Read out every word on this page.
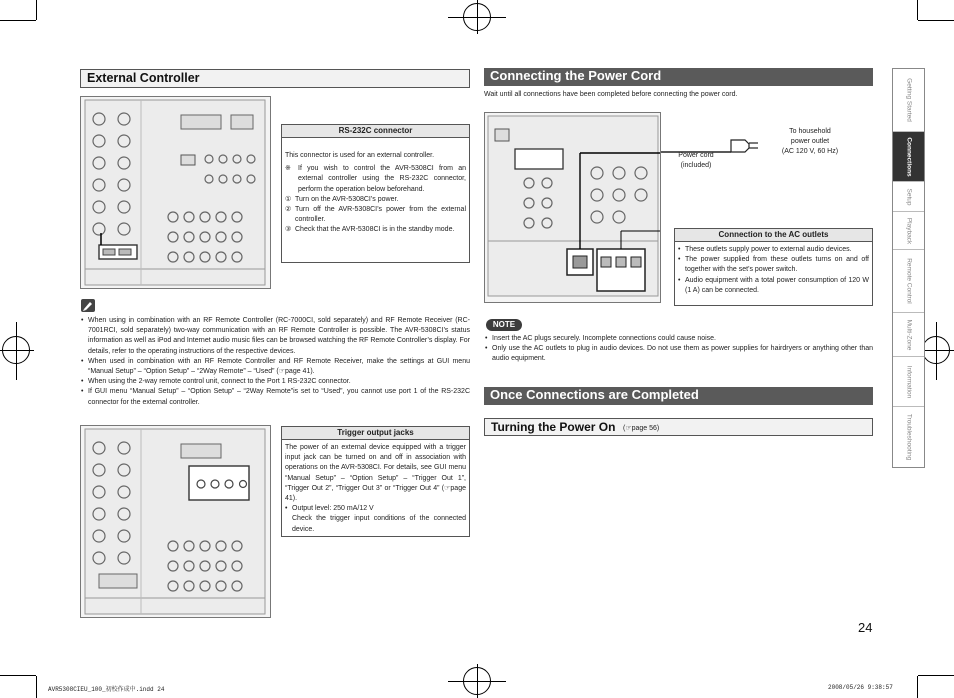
External Controller
RS-232C connector
This connector is used for an external controller.
※ If you wish to control the AVR-5308CI from an external controller using the RS-232C connector, perform the operation below beforehand.
① Turn on the AVR-5308CI’s power.
② Turn off the AVR-5308CI’s power from the external controller.
③ Check that the AVR-5308CI is in the standby mode.
• When using in combination with an RF Remote Controller (RC-7000CI, sold separately) and RF Remote Receiver (RC-7001RCI, sold separately) two-way communication with an RF Remote Controller is possible. The AVR-5308CI’s status information as well as iPod and Internet audio music files can be browsed watching the RF Remote Controller’s display. For details, refer to the operating instructions of the respective devices.
• When used in combination with an RF Remote Controller and RF Remote Receiver, make the settings at GUI menu “Manual Setup” – “Option Setup” – “2Way Remote” – “Used” (☞page 41).
• When using the 2-way remote control unit, connect to the Port 1 RS-232C connector.
• If GUI menu “Manual Setup” – “Option Setup” – “2Way Remote”is set to “Used”, you cannot use port 1 of the RS-232C connector for the external controller.
Trigger output jacks
The power of an external device equipped with a trigger input jack can be turned on and off in association with operations on the AVR-5308CI. For details, see GUI menu “Manual Setup” – “Option Setup” – “Trigger Out 1”, “Trigger Out 2”, “Trigger Out 3” or “Trigger Out 4” (☞page 41).
• Output level: 250 mA/12 V
Check the trigger input conditions of the connected device.
Connecting the Power Cord
Wait until all connections have been completed before connecting the power cord.
To household
power outlet
(AC 120 V, 60 Hz)
Power cord
(included)
Connection to the AC outlets
• These outlets supply power to external audio devices.
• The power supplied from these outlets turns on and off together with the set’s power switch.
• Audio equipment with a total power consumption of 120 W (1 A) can be connected.
NOTE
• Insert the AC plugs securely. Incomplete connections could cause noise.
• Only use the AC outlets to plug in audio devices. Do not use them as power supplies for hairdryers or anything other than audio equipment.
Once Connections are Completed
Turning the Power On (☞page 56)
Getting Started
Connections
Setup
Playback
Remote Control
Multi-Zone
Information
Troubleshooting
24
AVR5308CIEU_100_初校作成中.indd 24	2008/05/26 9:38:57
